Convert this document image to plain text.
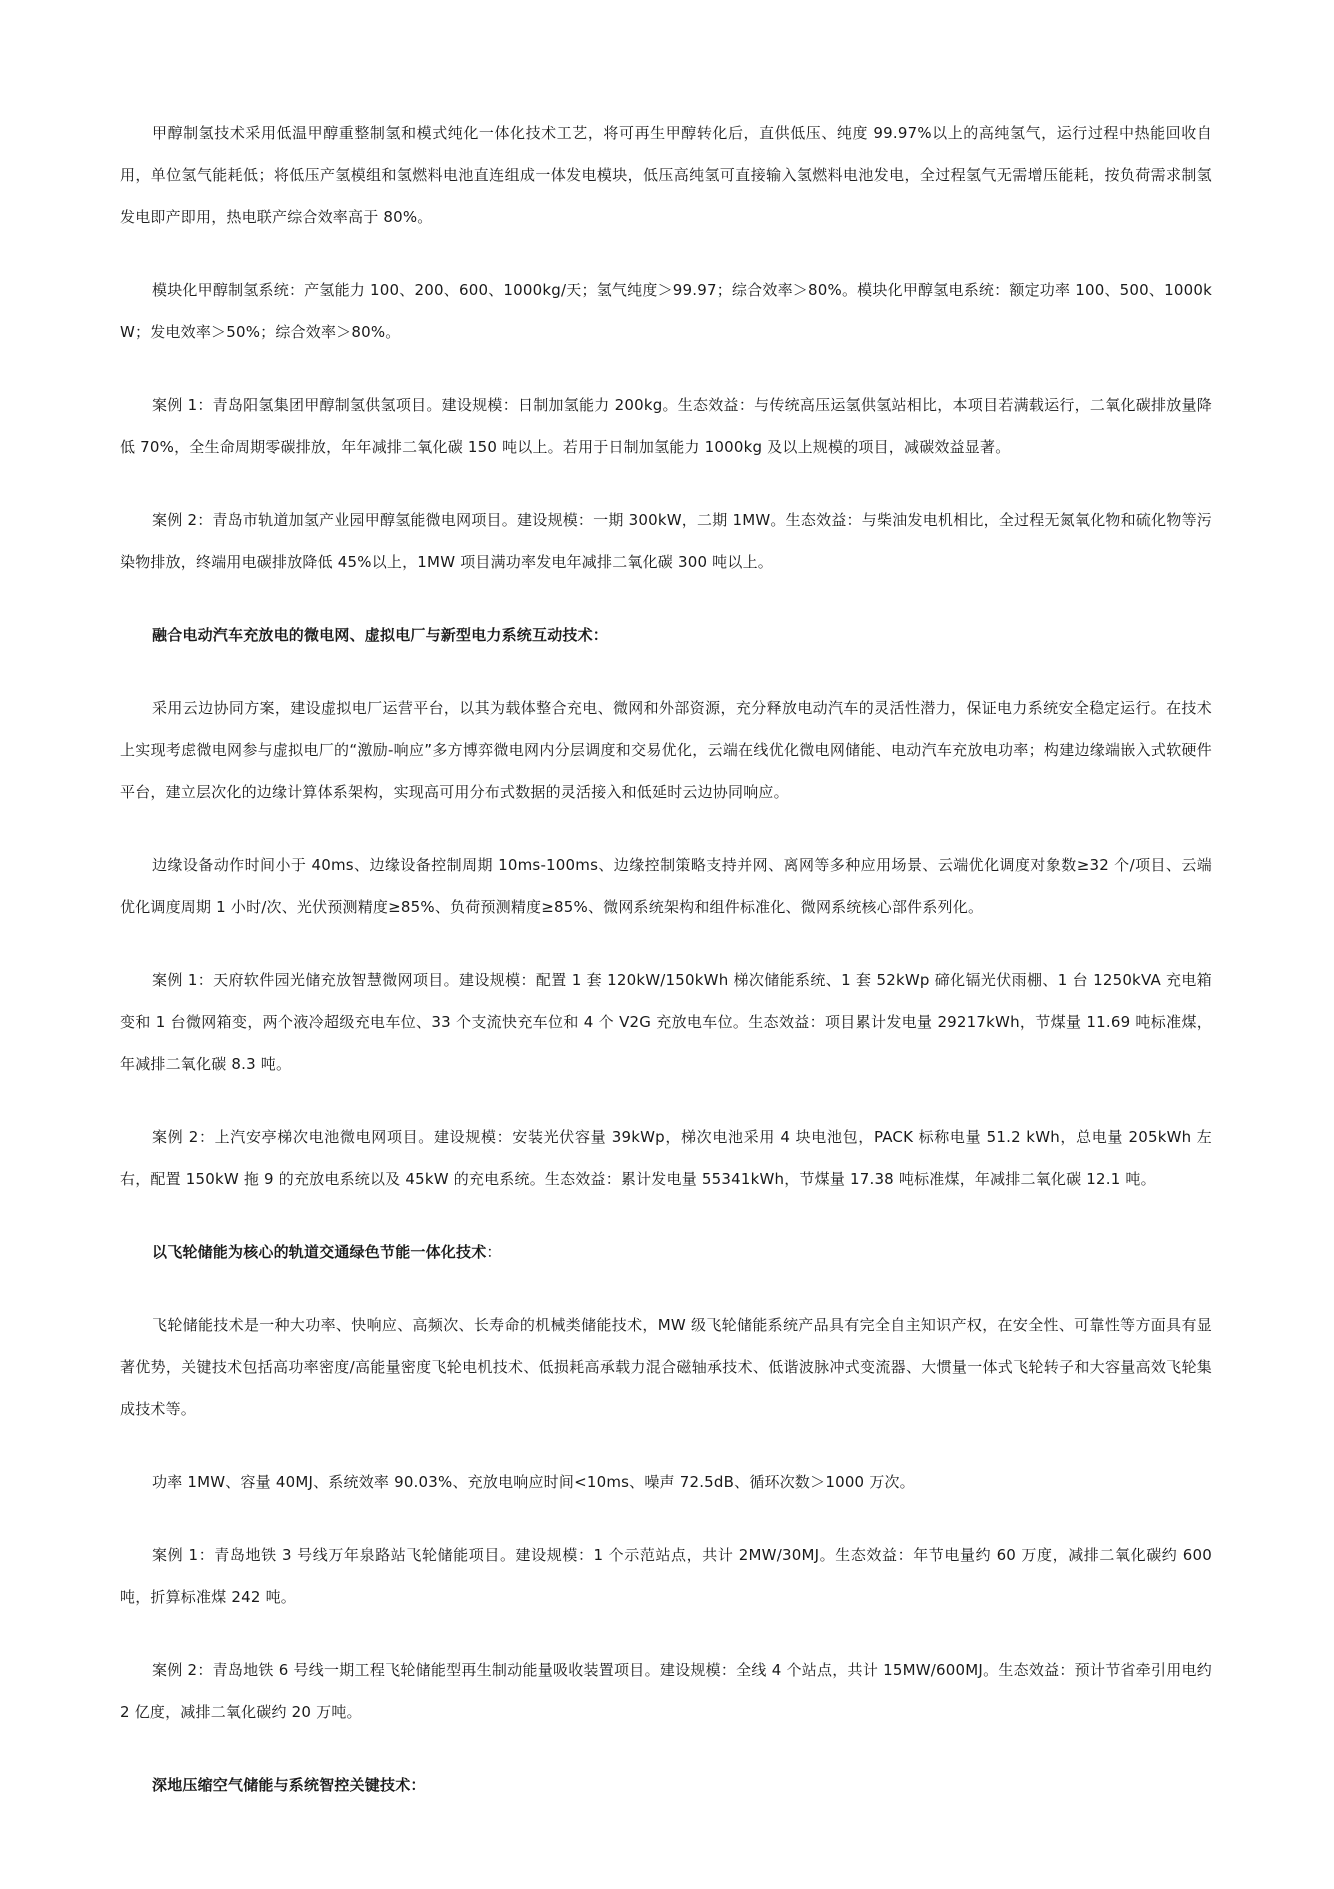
甲醇制氢技术采用低温甲醇重整制氢和模式纯化一体化技术工艺，将可再生甲醇转化后，直供低压、纯度 99.97%以上的高纯氢气，运行过程中热能回收自用，单位氢气能耗低；将低压产氢模组和氢燃料电池直连组成一体发电模块，低压高纯氢可直接输入氢燃料电池发电，全过程氢气无需增压能耗，按负荷需求制氢发电即产即用，热电联产综合效率高于 80%。

模块化甲醇制氢系统：产氢能力 100、200、600、1000kg/天；氢气纯度＞99.97；综合效率＞80%。模块化甲醇氢电系统：额定功率 100、500、1000kW；发电效率＞50%；综合效率＞80%。

案例 1：青岛阳氢集团甲醇制氢供氢项目。建设规模：日制加氢能力 200kg。生态效益：与传统高压运氢供氢站相比，本项目若满载运行，二氧化碳排放量降低 70%，全生命周期零碳排放，年年减排二氧化碳 150 吨以上。若用于日制加氢能力 1000kg 及以上规模的项目，减碳效益显著。

案例 2：青岛市轨道加氢产业园甲醇氢能微电网项目。建设规模：一期 300kW，二期 1MW。生态效益：与柴油发电机相比，全过程无氮氧化物和硫化物等污染物排放，终端用电碳排放降低 45%以上，1MW 项目满功率发电年减排二氧化碳 300 吨以上。

融合电动汽车充放电的微电网、虚拟电厂与新型电力系统互动技术：

采用云边协同方案，建设虚拟电厂运营平台，以其为载体整合充电、微网和外部资源，充分释放电动汽车的灵活性潜力，保证电力系统安全稳定运行。在技术上实现考虑微电网参与虚拟电厂的“激励-响应”多方博弈微电网内分层调度和交易优化，云端在线优化微电网储能、电动汽车充放电功率；构建边缘端嵌入式软硬件平台，建立层次化的边缘计算体系架构，实现高可用分布式数据的灵活接入和低延时云边协同响应。

边缘设备动作时间小于 40ms、边缘设备控制周期 10ms-100ms、边缘控制策略支持并网、离网等多种应用场景、云端优化调度对象数≥32 个/项目、云端优化调度周期 1 小时/次、光伏预测精度≥85%、负荷预测精度≥85%、微网系统架构和组件标准化、微网系统核心部件系列化。

案例 1：天府软件园光储充放智慧微网项目。建设规模：配置 1 套 120kW/150kWh 梯次储能系统、1 套 52kWp 碲化镉光伏雨棚、1 台 1250kVA 充电箱变和 1 台微网箱变，两个液冷超级充电车位、33 个支流快充车位和 4 个 V2G 充放电车位。生态效益：项目累计发电量 29217kWh，节煤量 11.69 吨标准煤，年减排二氧化碳 8.3 吨。

案例 2：上汽安亭梯次电池微电网项目。建设规模：安装光伏容量 39kWp，梯次电池采用 4 块电池包，PACK 标称电量 51.2 kWh，总电量 205kWh 左右，配置 150kW 拖 9 的充放电系统以及 45kW 的充电系统。生态效益：累计发电量 55341kWh，节煤量 17.38 吨标准煤，年减排二氧化碳 12.1 吨。

以飞轮储能为核心的轨道交通绿色节能一体化技术：

飞轮储能技术是一种大功率、快响应、高频次、长寿命的机械类储能技术，MW 级飞轮储能系统产品具有完全自主知识产权，在安全性、可靠性等方面具有显著优势，关键技术包括高功率密度/高能量密度飞轮电机技术、低损耗高承载力混合磁轴承技术、低谐波脉冲式变流器、大惯量一体式飞轮转子和大容量高效飞轮集成技术等。

功率 1MW、容量 40MJ、系统效率 90.03%、充放电响应时间<10ms、噪声 72.5dB、循环次数＞1000 万次。

案例 1：青岛地铁 3 号线万年泉路站飞轮储能项目。建设规模：1 个示范站点，共计 2MW/30MJ。生态效益：年节电量约 60 万度，减排二氧化碳约 600 吨，折算标准煤 242 吨。

案例 2：青岛地铁 6 号线一期工程飞轮储能型再生制动能量吸收装置项目。建设规模：全线 4 个站点，共计 15MW/600MJ。生态效益：预计节省牵引用电约 2 亿度，减排二氧化碳约 20 万吨。

深地压缩空气储能与系统智控关键技术：
